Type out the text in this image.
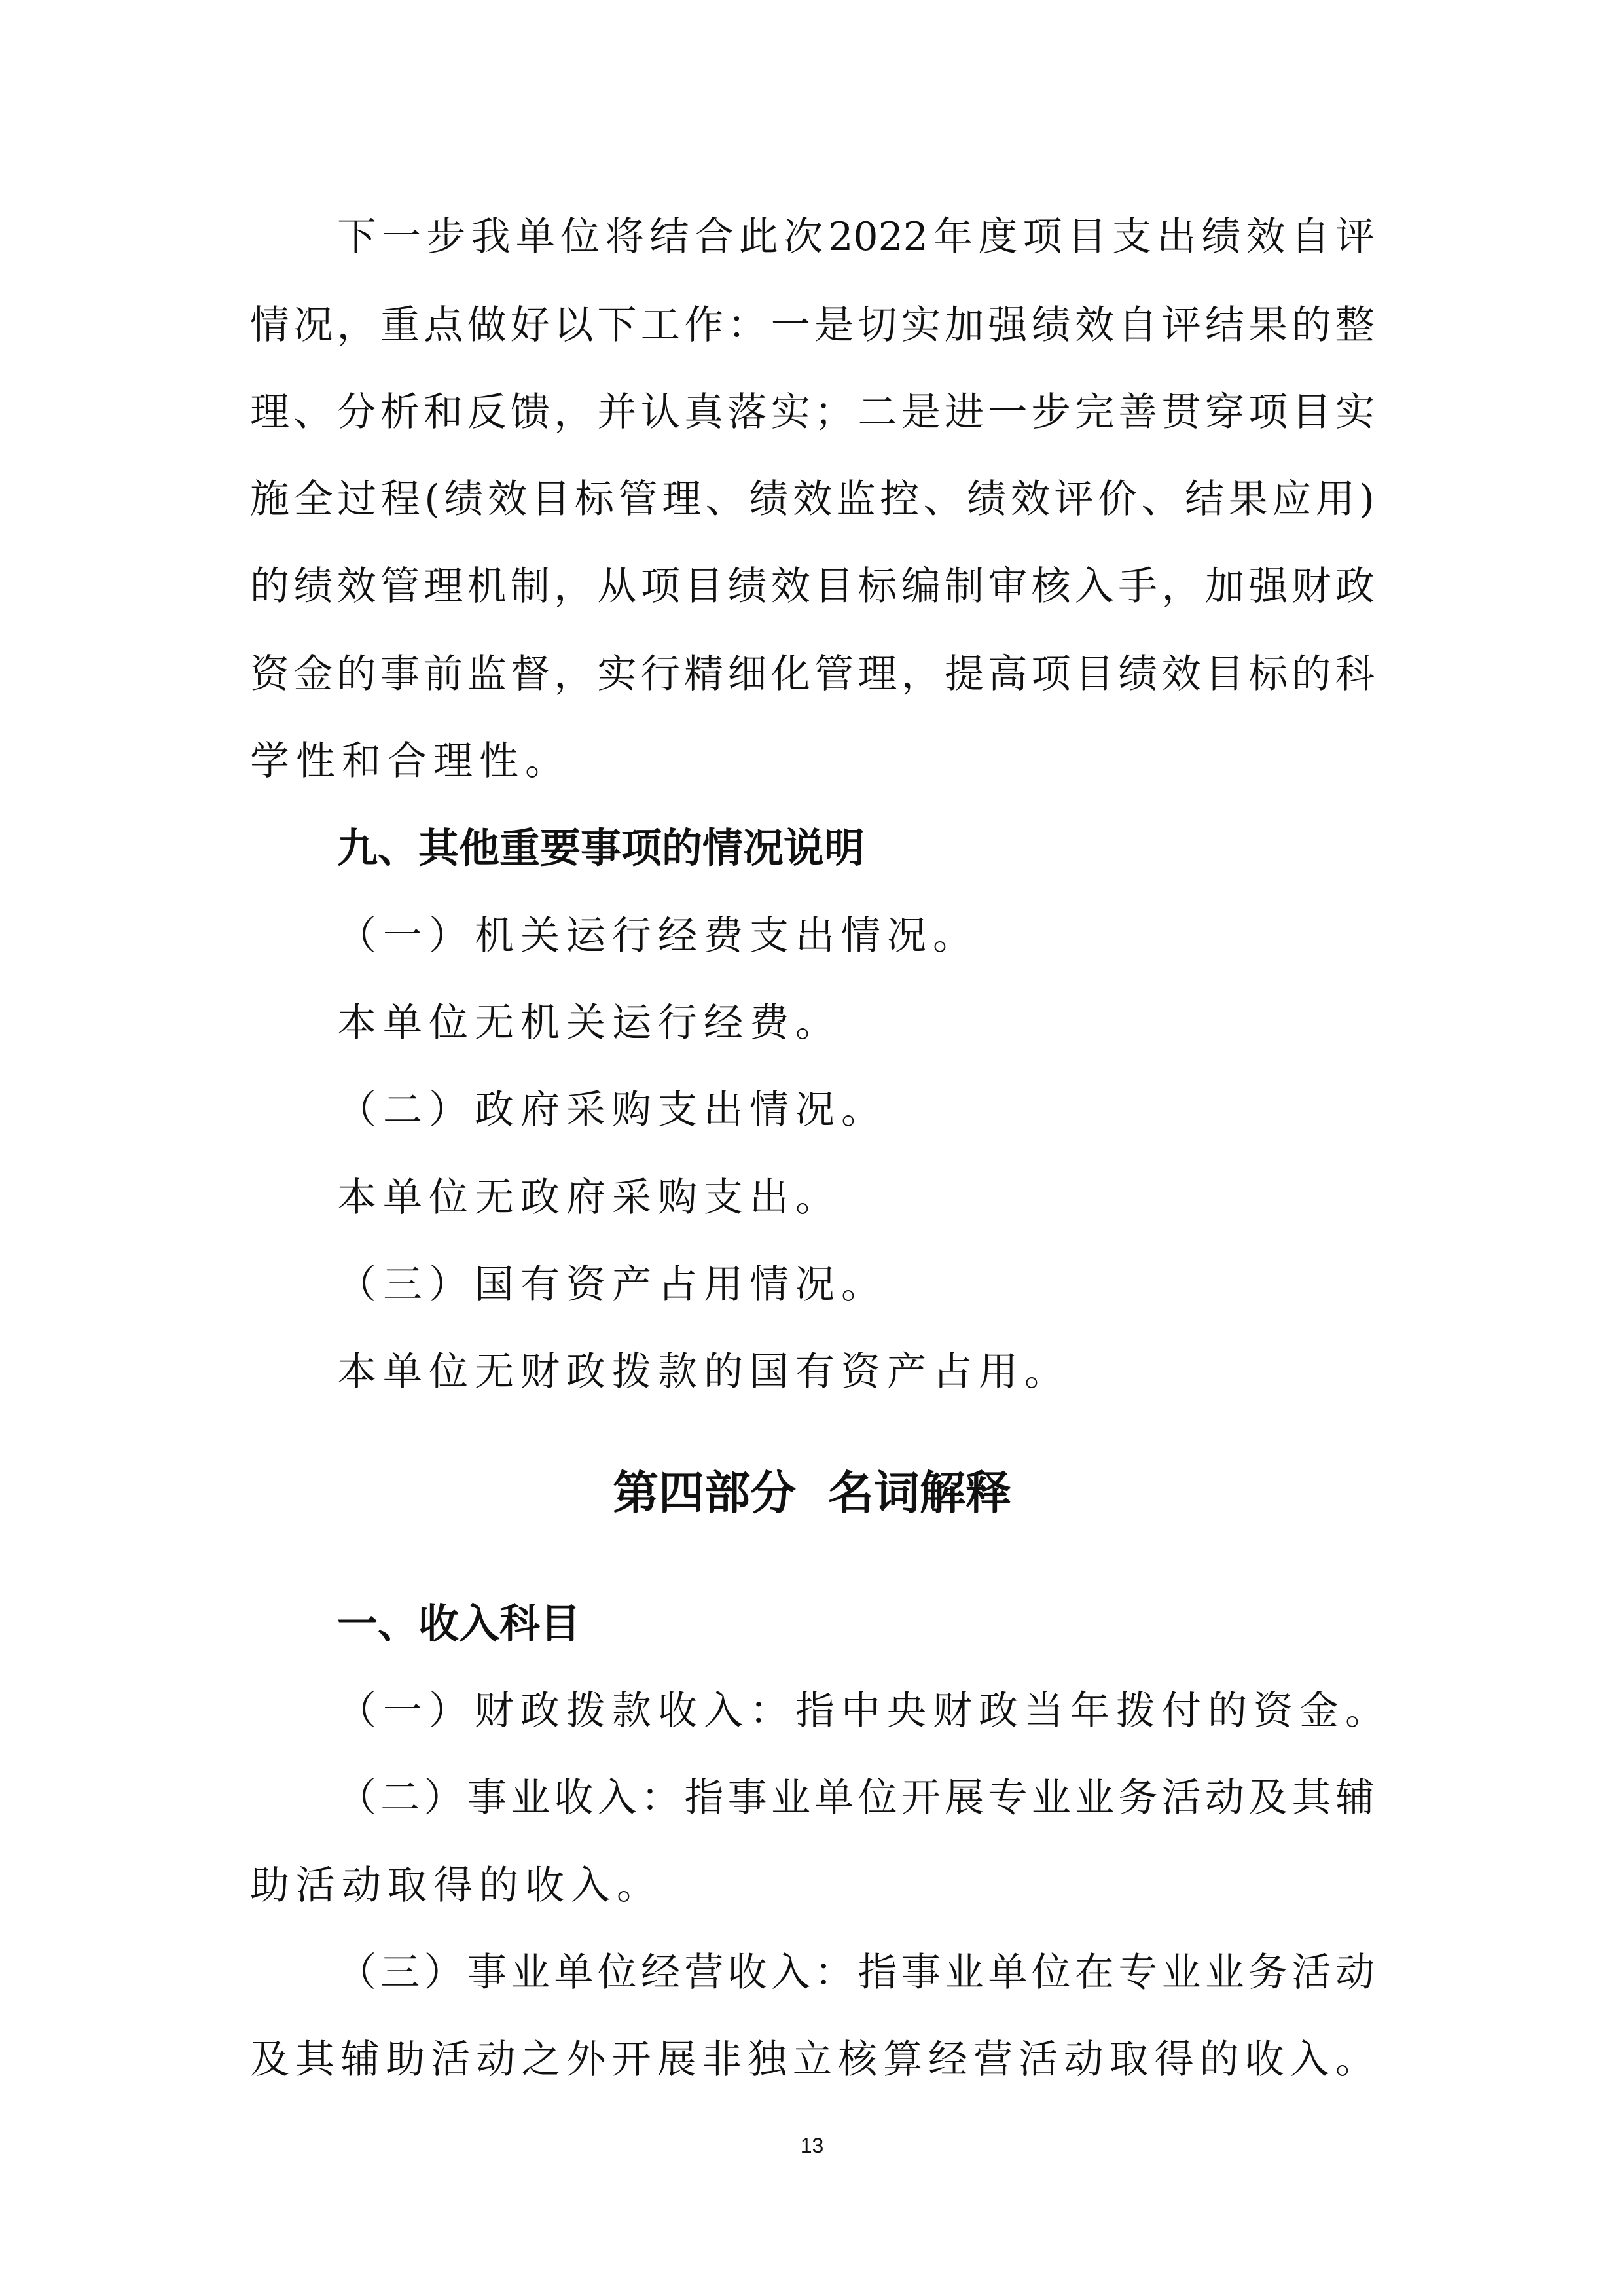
下 一 步 我 单 位 将 结 合 此 次 2022 年 度 项 目 支 出 绩 效 自 评
情 况 ， 重 点 做 好 以 下 工 作 ： 一 是 切 实 加 强 绩 效 自 评 结 果 的 整
理 、 分 析 和 反 馈 ， 并 认 真 落 实 ； 二 是 进 一 步 完 善 贯 穿 项 目 实
施 全 过 程 ( 绩 效 目 标 管 理 、 绩 效 监 控 、 绩 效 评 价 、 结 果 应 用 )
的 绩 效 管 理 机 制 ， 从 项 目 绩 效 目 标 编 制 审 核 入 手 ， 加 强 财 政
资 金 的 事 前 监 督 ， 实 行 精 细 化 管 理 ， 提 高 项 目 绩 效 目 标 的 科
学性和合理性。
九、其他重要事项的情况说明
（一）机关运行经费支出情况。
本单位无机关运行经费。
（二）政府采购支出情况。
本单位无政府采购支出。
（三）国有资产占用情况。
本单位无财政拨款的国有资产占用。
第四部分  名词解释
一、收入科目
（一）财政拨款收入：指中央财政当年拨付的资金。
（ 二 ） 事 业 收 入 ： 指 事 业 单 位 开 展 专 业 业 务 活 动 及 其 辅
助活动取得的收入。
（ 三 ） 事 业 单 位 经 营 收 入 ： 指 事 业 单 位 在 专 业 业 务 活 动
及 其 辅 助 活 动 之 外 开 展 非 独 立 核 算 经 营 活 动 取 得 的 收 入 。
13
